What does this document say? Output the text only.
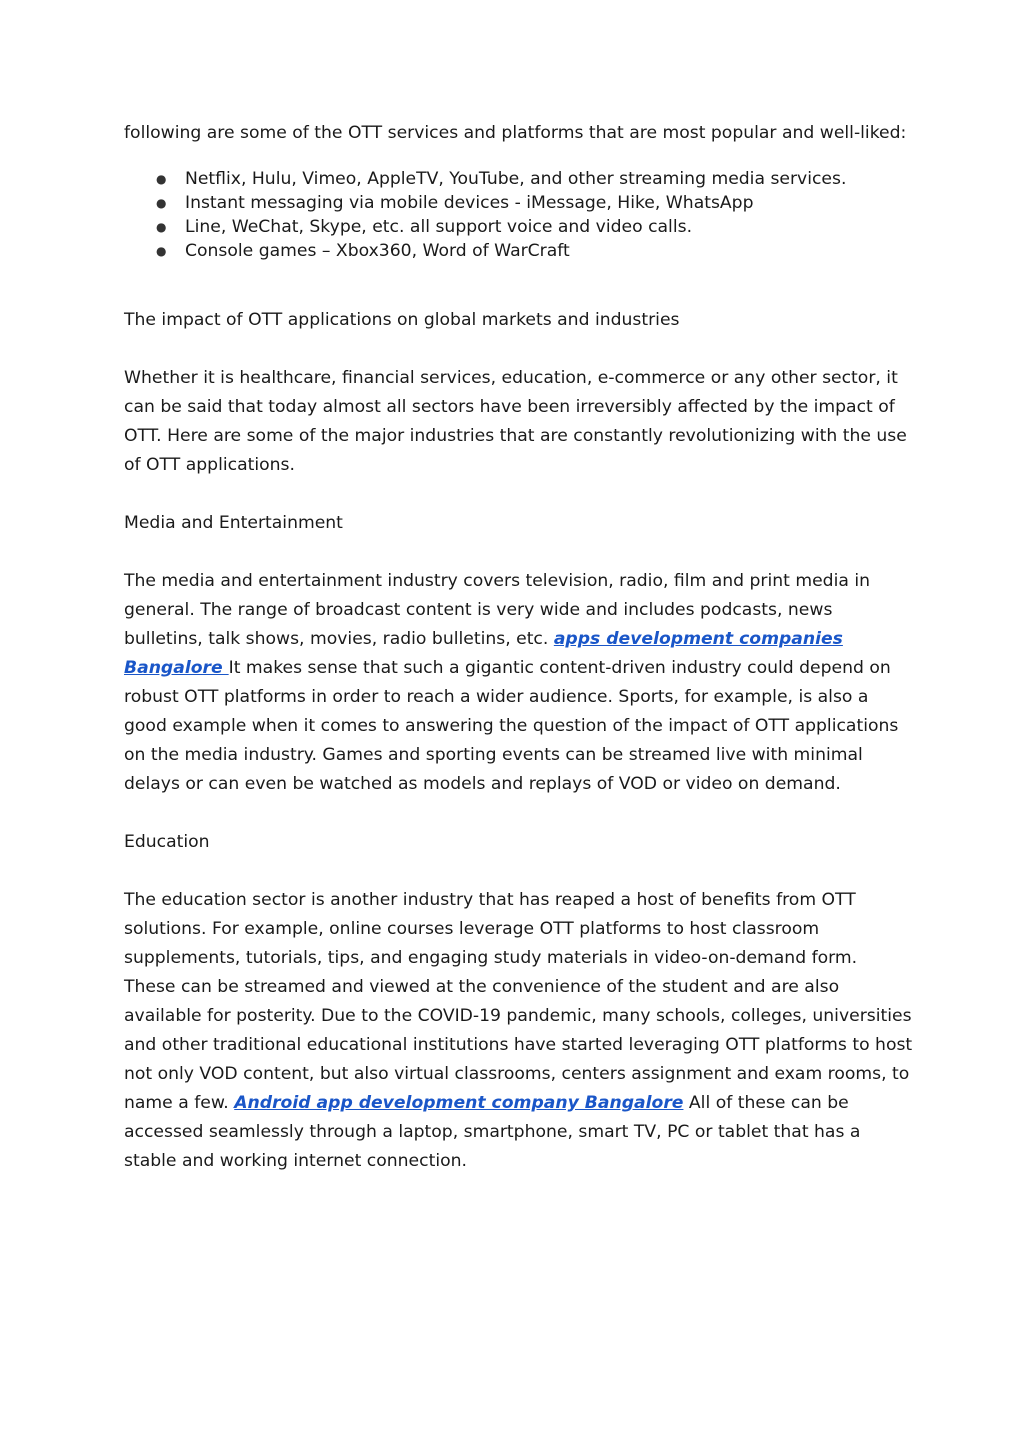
following are some of the OTT services and platforms that are most popular and well-liked:

● Netflix, Hulu, Vimeo, AppleTV, YouTube, and other streaming media services.
● Instant messaging via mobile devices - iMessage, Hike, WhatsApp
● Line, WeChat, Skype, etc. all support voice and video calls.
● Console games – Xbox360, Word of WarCraft

The impact of OTT applications on global markets and industries

Whether it is healthcare, financial services, education, e-commerce or any other sector, it can be said that today almost all sectors have been irreversibly affected by the impact of OTT. Here are some of the major industries that are constantly revolutionizing with the use of OTT applications.

Media and Entertainment

The media and entertainment industry covers television, radio, film and print media in general. The range of broadcast content is very wide and includes podcasts, news bulletins, talk shows, movies, radio bulletins, etc. apps development companies Bangalore It makes sense that such a gigantic content-driven industry could depend on robust OTT platforms in order to reach a wider audience. Sports, for example, is also a good example when it comes to answering the question of the impact of OTT applications on the media industry. Games and sporting events can be streamed live with minimal delays or can even be watched as models and replays of VOD or video on demand.

Education

The education sector is another industry that has reaped a host of benefits from OTT solutions. For example, online courses leverage OTT platforms to host classroom supplements, tutorials, tips, and engaging study materials in video-on-demand form. These can be streamed and viewed at the convenience of the student and are also available for posterity. Due to the COVID-19 pandemic, many schools, colleges, universities and other traditional educational institutions have started leveraging OTT platforms to host not only VOD content, but also virtual classrooms, centers assignment and exam rooms, to name a few. Android app development company Bangalore All of these can be accessed seamlessly through a laptop, smartphone, smart TV, PC or tablet that has a stable and working internet connection.
